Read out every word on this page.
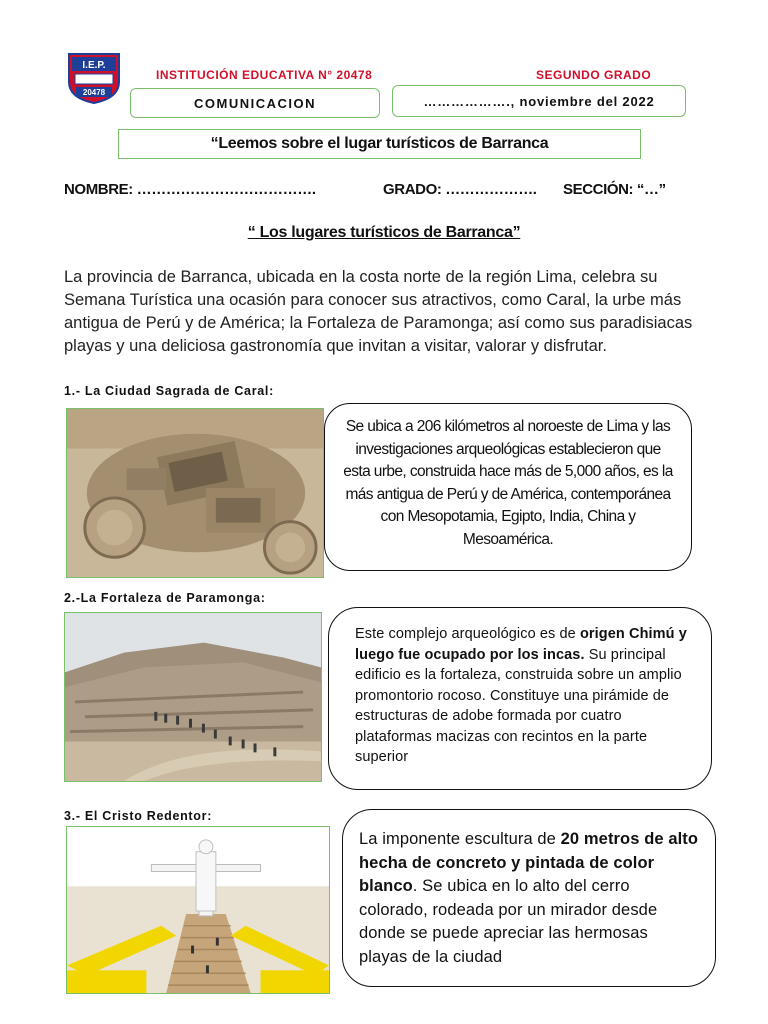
I.E.P.
20478
INSTITUCIÓN EDUCATIVA N° 20478	SEGUNDO GRADO
COMUNICACION	………………., noviembre del 2022
“Leemos sobre el lugar turísticos de Barranca
NOMBRE: ……………………………….	GRADO: ………………. SECCIÓN: “…”
“ Los lugares turísticos de Barranca”

La provincia de Barranca, ubicada en la costa norte de la región Lima, celebra su Semana Turística una ocasión para conocer sus atractivos, como Caral, la urbe más antigua de Perú y de América; la Fortaleza de Paramonga; así como sus paradisiacas playas y una deliciosa gastronomía que invitan a visitar, valorar y disfrutar.

1.- La Ciudad Sagrada de Caral:
Se ubica a 206 kilómetros al noroeste de Lima y las investigaciones arqueológicas establecieron que esta urbe, construida hace más de 5,000 años, es la más antigua de Perú y de América, contemporánea con Mesopotamia, Egipto, India, China y Mesoamérica.
2.-La Fortaleza de Paramonga:
Este complejo arqueológico es de origen Chimú y luego fue ocupado por los incas. Su principal edificio es la fortaleza, construida sobre un amplio promontorio rocoso. Constituye una pirámide de estructuras de adobe formada por cuatro plataformas macizas con recintos en la parte superior
3.- El Cristo Redentor:
La imponente escultura de 20 metros de alto hecha de concreto y pintada de color blanco. Se ubica en lo alto del cerro colorado, rodeada por un mirador desde donde se puede apreciar las hermosas playas de la ciudad
